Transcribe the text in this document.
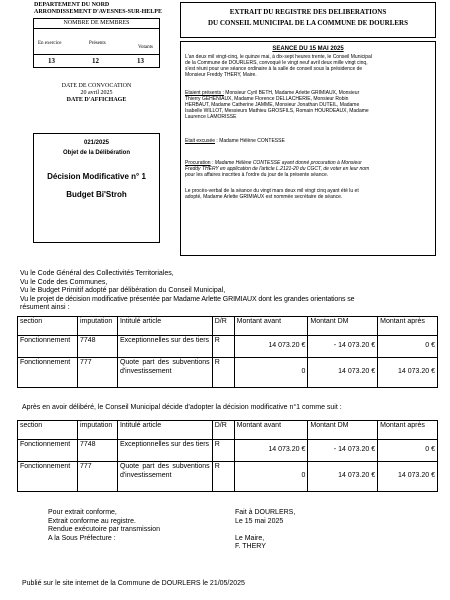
DEPARTEMENT DU NORD
ARRONDISSEMENT D'AVESNES-SUR-HELPE
NOMBRE DE MEMBRES
En exercice	Présents
Votants
13	12	13
DATE DE CONVOCATION
20 avril 2025
DATE D'AFFICHAGE
021/2025
Objet de la Délibération
Décision Modificative n° 1
Budget Bi'Stroh
EXTRAIT DU REGISTRE DES DELIBERATIONS
DU CONSEIL MUNICIPAL DE LA COMMUNE DE DOURLERS
SEANCE DU 15 MAI 2025
L'an deux mil vingt-cinq, le quinze mai, à dix-sept heures trente, le Conseil Municipal
de la Commune de DOURLERS, convoqué le vingt neuf avril deux mille vingt cinq,
s'est réuni pour une séance ordinaire à la salle de conseil sous la présidence de
Monsieur Freddy THERY, Maire.
Etaient présents : Monsieur Cyril BETH, Madame Arlette GRIMIAUX, Monsieur
Thierry GEHENIAUX, Madame Florence DELLACHERIE, Monsieur Robin
HERBAUT, Madame Catherine JAMME, Monsieur Jonathan DUTEIL, Madame
Isabelle WILLOT, Messieurs Mathieu GROSFILS, Romain HOURDEAUX, Madame
Laurence LAMORISSE
Etait excusée : Madame Hélène CONTESSE
Procuration : Madame Hélène CONTESSE ayant donné procuration à Monsieur
Freddy THERY en application de l'article L.2121-20 du CGCT, de voter en leur nom
pour les affaires inscrites à l'ordre du jour de la présente séance.
Le procès-verbal de la séance du vingt mars deux mil vingt cinq ayant été lu et
adopté, Madame Arlette GRIMIAUX est nommée secrétaire de séance.
Vu le Code Général des Collectivités Territoriales,
Vu le Code des Communes,
Vu le Budget Primitif adopté par délibération du Conseil Municipal,
Vu le projet de décision modificative présentée par Madame Arlette GRIMIAUX dont les grandes orientations se
résument ainsi :
section	imputation	Intitulé article	D/R	Montant avant	Montant DM	Montant après
Fonctionnement	7748	Exceptionnelles sur des tiers	R	14 073.20 €	- 14 073.20 €	0 €
Fonctionnement	777	Quote part des subventions d'investissement	R	0	14 073.20 €	14 073.20 €
Après en avoir délibéré, le Conseil Municipal décide d'adopter la décision modificative n°1 comme suit :
section	imputation	Intitulé article	D/R	Montant avant	Montant DM	Montant après
Fonctionnement	7748	Exceptionnelles sur des tiers	R	14 073.20 €	- 14 073.20 €	0 €
Fonctionnement	777	Quote part des subventions d'investissement	R	0	14 073.20 €	14 073.20 €
Pour extrait conforme,
Extrait conforme au registre.
Rendue exécutoire par transmission
A la Sous Préfecture :
Fait à DOURLERS,
Le 15 mai 2025
Le Maire,
F. THERY
Publié sur le site internet de la Commune de DOURLERS le 21/05/2025
